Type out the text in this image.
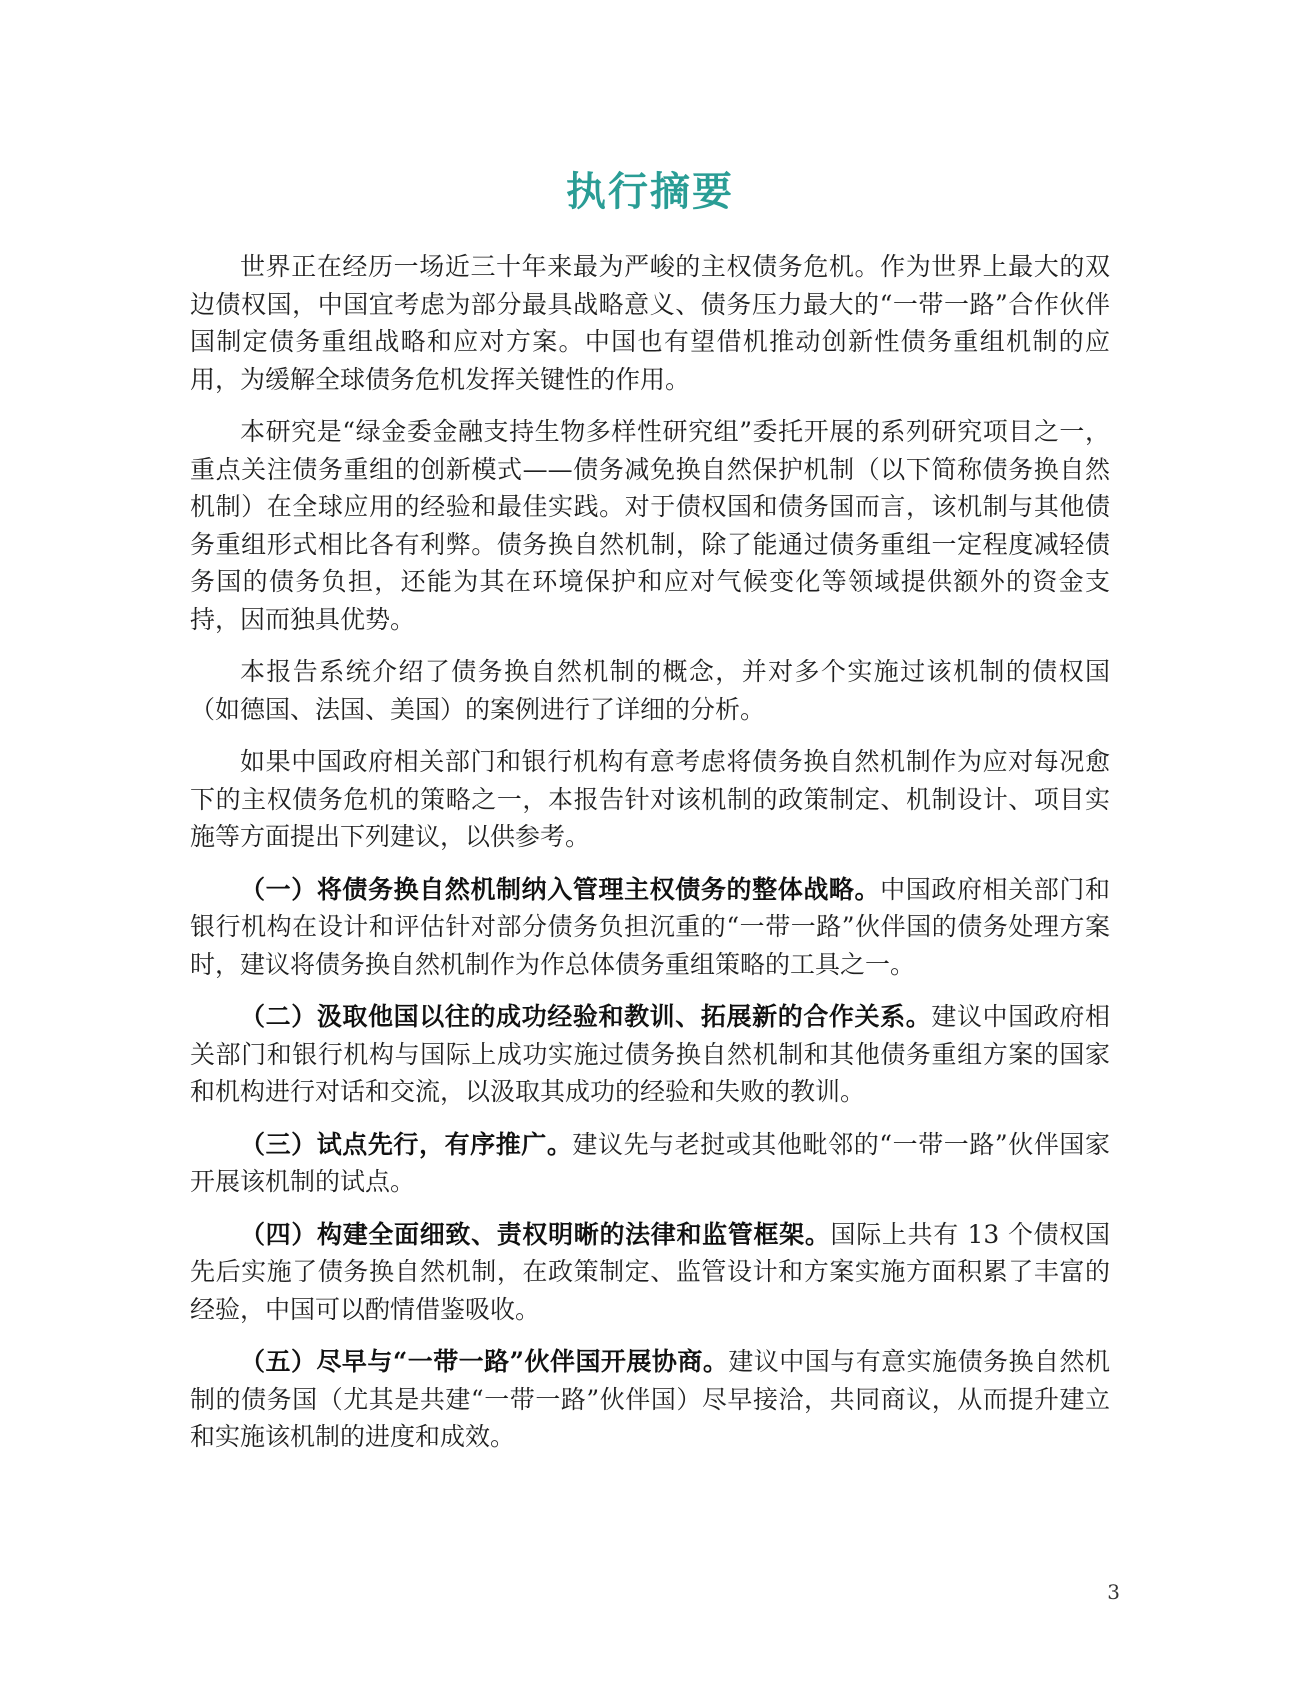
执行摘要

世界正在经历一场近三十年来最为严峻的主权债务危机。作为世界上最大的双边债权国，中国宜考虑为部分最具战略意义、债务压力最大的“一带一路”合作伙伴国制定债务重组战略和应对方案。中国也有望借机推动创新性债务重组机制的应用，为缓解全球债务危机发挥关键性的作用。

本研究是“绿金委金融支持生物多样性研究组”委托开展的系列研究项目之一，重点关注债务重组的创新模式——债务减免换自然保护机制（以下简称债务换自然机制）在全球应用的经验和最佳实践。对于债权国和债务国而言，该机制与其他债务重组形式相比各有利弊。债务换自然机制，除了能通过债务重组一定程度减轻债务国的债务负担，还能为其在环境保护和应对气候变化等领域提供额外的资金支持，因而独具优势。

本报告系统介绍了债务换自然机制的概念，并对多个实施过该机制的债权国（如德国、法国、美国）的案例进行了详细的分析。

如果中国政府相关部门和银行机构有意考虑将债务换自然机制作为应对每况愈下的主权债务危机的策略之一，本报告针对该机制的政策制定、机制设计、项目实施等方面提出下列建议，以供参考。

（一）将债务换自然机制纳入管理主权债务的整体战略。中国政府相关部门和银行机构在设计和评估针对部分债务负担沉重的“一带一路”伙伴国的债务处理方案时，建议将债务换自然机制作为作总体债务重组策略的工具之一。

（二）汲取他国以往的成功经验和教训、拓展新的合作关系。建议中国政府相关部门和银行机构与国际上成功实施过债务换自然机制和其他债务重组方案的国家和机构进行对话和交流，以汲取其成功的经验和失败的教训。

（三）试点先行，有序推广。建议先与老挝或其他毗邻的“一带一路”伙伴国家开展该机制的试点。

（四）构建全面细致、责权明晰的法律和监管框架。国际上共有 13 个债权国先后实施了债务换自然机制，在政策制定、监管设计和方案实施方面积累了丰富的经验，中国可以酌情借鉴吸收。

（五）尽早与“一带一路”伙伴国开展协商。建议中国与有意实施债务换自然机制的债务国（尤其是共建“一带一路”伙伴国）尽早接洽，共同商议，从而提升建立和实施该机制的进度和成效。

3
